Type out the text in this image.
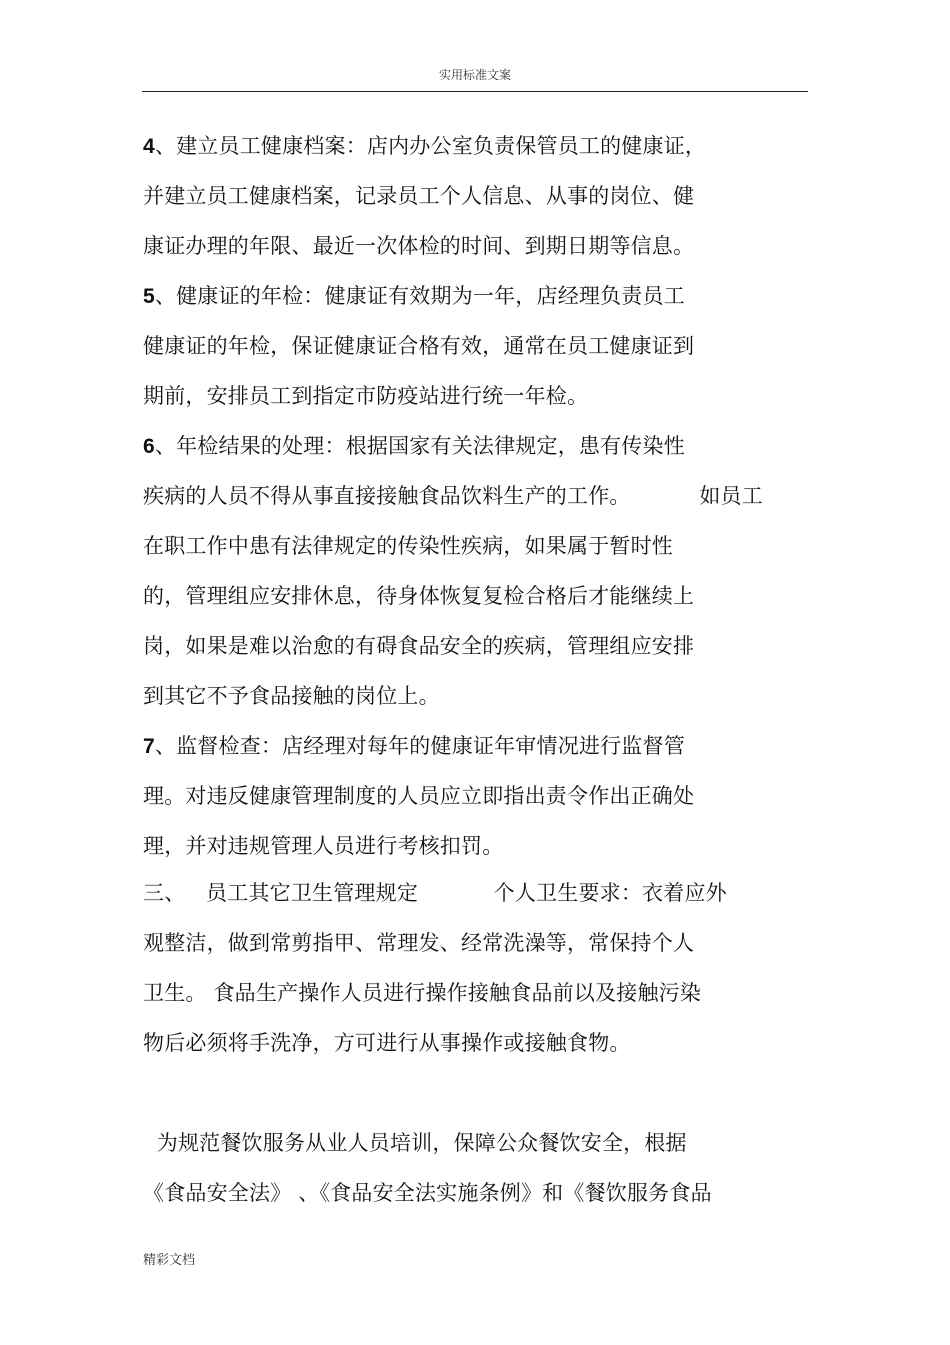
实用标准文案
4、建立员工健康档案：店内办公室负责保管员工的健康证，
并建立员工健康档案，记录员工个人信息、从事的岗位、健
康证办理的年限、最近一次体检的时间、到期日期等信息。
5、健康证的年检：健康证有效期为一年，店经理负责员工
健康证的年检，保证健康证合格有效，通常在员工健康证到
期前，安排员工到指定市防疫站进行统一年检。
6、年检结果的处理：根据国家有关法律规定，患有传染性
疾病的人员不得从事直接接触食品饮料生产的工作。          如员工
在职工作中患有法律规定的传染性疾病，如果属于暂时性
的，管理组应安排休息，待身体恢复复检合格后才能继续上
岗，如果是难以治愈的有碍食品安全的疾病，管理组应安排
到其它不予食品接触的岗位上。
7、监督检查：店经理对每年的健康证年审情况进行监督管
理。对违反健康管理制度的人员应立即指出责令作出正确处
理，并对违规管理人员进行考核扣罚。
三、   员工其它卫生管理规定           个人卫生要求：衣着应外
观整洁，做到常剪指甲、常理发、经常洗澡等，常保持个人
卫生。 食品生产操作人员进行操作接触食品前以及接触污染
物后必须将手洗净，方可进行从事操作或接触食物。
为规范餐饮服务从业人员培训，保障公众餐饮安全，根据
《食品安全法》 、《食品安全法实施条例》和《餐饮服务食品
精彩文档
